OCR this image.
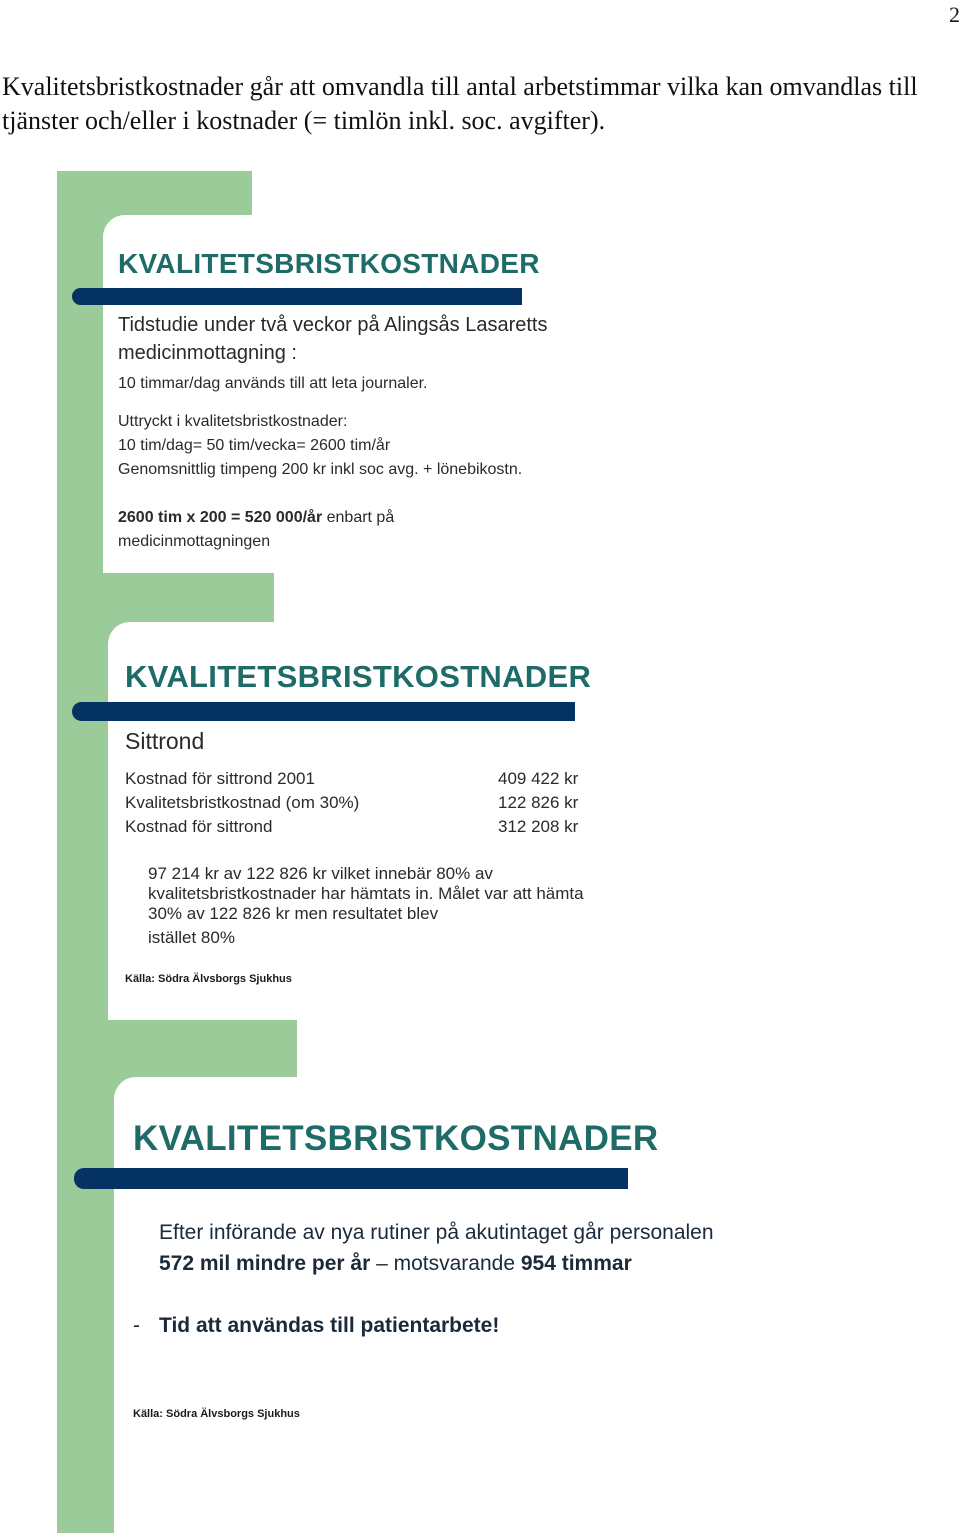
2
Kvalitetsbristkostnader går att omvandla till antal arbetstimmar vilka kan omvandlas till tjänster och/eller i kostnader (= timlön inkl. soc. avgifter).
KVALITETSBRISTKOSTNADER
Tidstudie under två veckor på Alingsås Lasaretts medicinmottagning :
10 timmar/dag används till att leta journaler.
Uttryckt i kvalitetsbristkostnader:
10 tim/dag= 50 tim/vecka= 2600 tim/år
Genomsnittlig timpeng 200 kr inkl soc avg. + lönebikostn.
2600 tim x 200 = 520 000/år enbart på
medicinmottagningen
KVALITETSBRISTKOSTNADER
Sittrond
Kostnad för sittrond 2001
Kvalitetsbristkostnad (om 30%)
Kostnad för sittrond
409 422 kr
122 826 kr
312 208 kr
97 214 kr av 122 826 kr vilket innebär 80% av
kvalitetsbristkostnader har hämtats in. Målet var att hämta
30% av 122 826 kr men resultatet blev
istället 80%
Källa: Södra Älvsborgs Sjukhus
KVALITETSBRISTKOSTNADER
Efter införande av nya rutiner på akutintaget går personalen
572 mil mindre per år – motsvarande 954 timmar
- Tid att användas till patientarbete!
Källa: Södra Älvsborgs Sjukhus
